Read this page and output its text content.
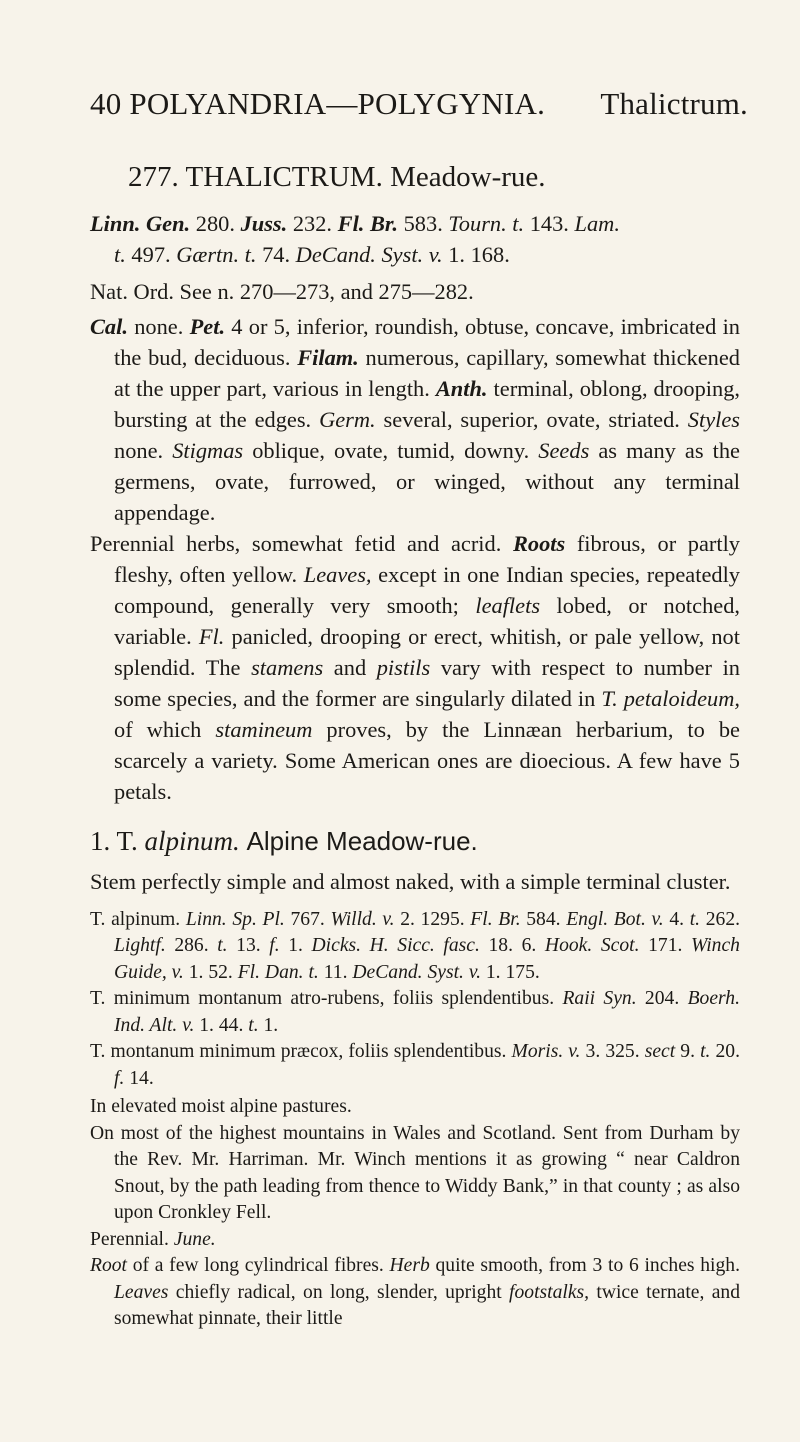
40 POLYANDRIA—POLYGYNIA.	Thalictrum.
277. THALICTRUM. Meadow-rue.
Linn. Gen. 280. Juss. 232. Fl. Br. 583. Tourn. t. 143. Lam.
t. 497. Gærtn. t. 74. DeCand. Syst. v. 1. 168.
Nat. Ord. See n. 270—273, and 275—282.
Cal. none. Pet. 4 or 5, inferior, roundish, obtuse, concave, imbricated in the bud, deciduous. Filam. numerous, capillary, somewhat thickened at the upper part, various in length. Anth. terminal, oblong, drooping, bursting at the edges. Germ. several, superior, ovate, striated. Styles none. Stigmas oblique, ovate, tumid, downy. Seeds as many as the germens, ovate, furrowed, or winged, without any terminal appendage.
Perennial herbs, somewhat fetid and acrid. Roots fibrous, or partly fleshy, often yellow. Leaves, except in one Indian species, repeatedly compound, generally very smooth; leaflets lobed, or notched, variable. Fl. panicled, drooping or erect, whitish, or pale yellow, not splendid. The stamens and pistils vary with respect to number in some species, and the former are singularly dilated in T. petaloideum, of which stamineum proves, by the Linnæan herbarium, to be scarcely a variety. Some American ones are dioecious. A few have 5 petals.
1. T. alpinum. Alpine Meadow-rue.
Stem perfectly simple and almost naked, with a simple terminal cluster.
T. alpinum. Linn. Sp. Pl. 767. Willd. v. 2. 1295. Fl. Br. 584. Engl. Bot. v. 4. t. 262. Lightf. 286. t. 13. f. 1. Dicks. H. Sicc. fasc. 18. 6. Hook. Scot. 171. Winch Guide, v. 1. 52. Fl. Dan. t. 11. DeCand. Syst. v. 1. 175.
T. minimum montanum atro-rubens, foliis splendentibus. Raii Syn. 204. Boerh. Ind. Alt. v. 1. 44. t. 1.
T. montanum minimum præcox, foliis splendentibus. Moris. v. 3. 325. sect 9. t. 20. f. 14.
In elevated moist alpine pastures.
On most of the highest mountains in Wales and Scotland. Sent from Durham by the Rev. Mr. Harriman. Mr. Winch mentions it as growing “ near Caldron Snout, by the path leading from thence to Widdy Bank,” in that county ; as also upon Cronkley Fell.
Perennial. June.
Root of a few long cylindrical fibres. Herb quite smooth, from 3 to 6 inches high. Leaves chiefly radical, on long, slender, upright footstalks, twice ternate, and somewhat pinnate, their little
